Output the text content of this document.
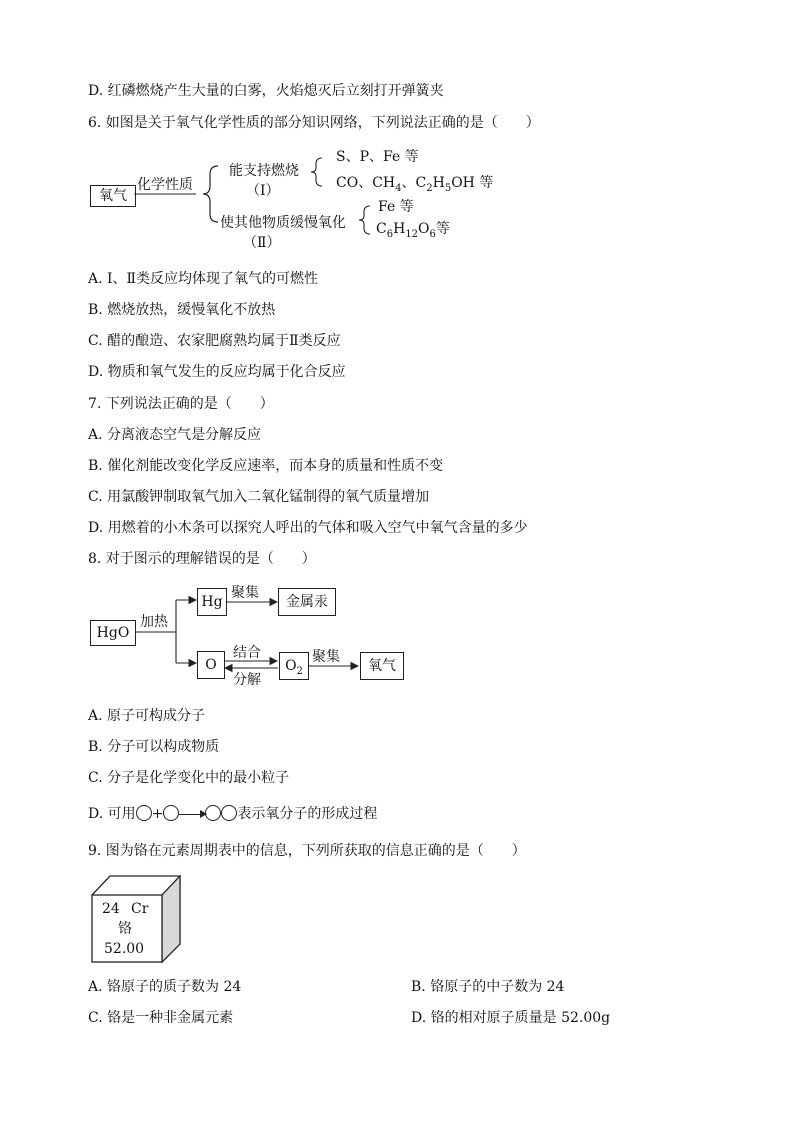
D. 红磷燃烧产生大量的白雾，火焰熄灭后立刻打开弹簧夹
6. 如图是关于氧气化学性质的部分知识网络，下列说法正确的是（　　）
氧气
化学性质
能支持燃烧
（Ⅰ）
S、P、Fe 等
CO、$CH_4$、$C_2H_5OH$ 等
使其他物质缓慢氧化
（Ⅱ）
Fe 等
$C_6H_{12}O_6$等
A. Ⅰ、Ⅱ类反应均体现了氧气的可燃性
B. 燃烧放热，缓慢氧化不放热
C. 醋的酿造、农家肥腐熟均属于Ⅱ类反应
D. 物质和氧气发生的反应均属于化合反应
7. 下列说法正确的是（　　）
A. 分离液态空气是分解反应
B. 催化剂能改变化学反应速率，而本身的质量和性质不变
C. 用氯酸钾制取氧气加入二氧化锰制得的氧气质量增加
D. 用燃着的小木条可以探究人呼出的气体和吸入空气中氧气含量的多少
8. 对于图示的理解错误的是（　　）
HgO
加热
Hg
聚集
金属汞
O
结合
分解
$O_2$
聚集
氧气
A. 原子可构成分子
B. 分子可以构成物质
C. 分子是化学变化中的最小粒子
D. 可用 +	表示氧分子的形成过程
9. 图为铬在元素周期表中的信息，下列所获取的信息正确的是（　　）
24 Cr
铬
52.00
A. 铬原子的质子数为 24	B. 铬原子的中子数为 24
C. 铬是一种非金属元素	D. 铬的相对原子质量是 52.00g
